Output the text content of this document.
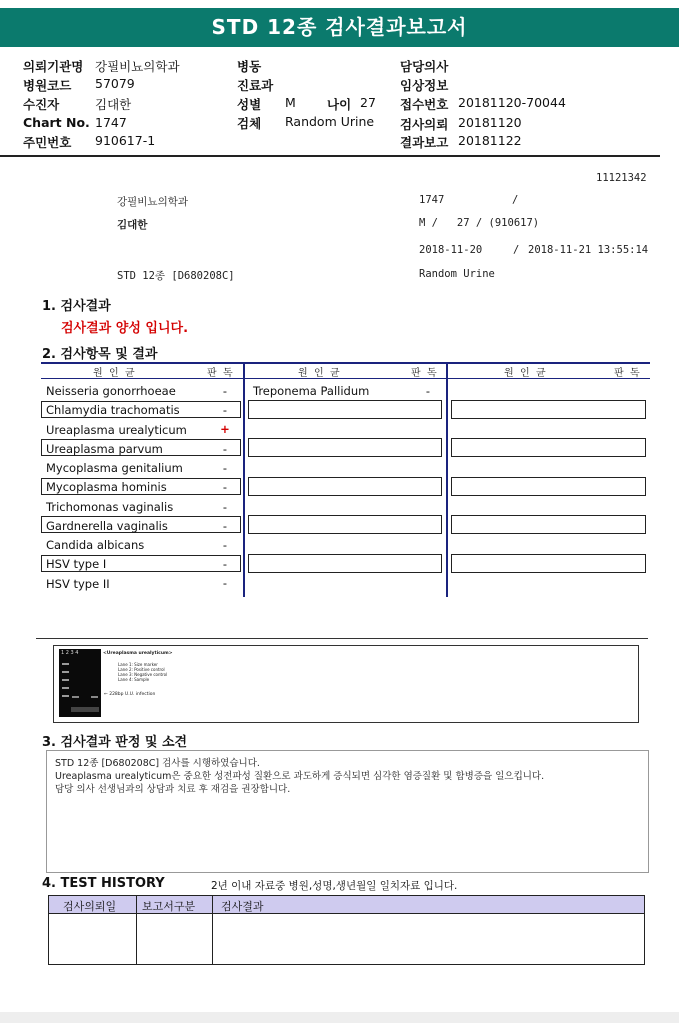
STD 12종 검사결과보고서
의뢰기관명 강필비뇨의학과
병원코드 57079
수진자	김대한
Chart No. 1747
주민번호 910617-1
병동
진료과
성별 M 나이 27
검체 Random Urine
담당의사
임상정보
접수번호 20181120-70044
검사의뢰 20181120
결과보고 20181122
11121342
강필비뇨의학과	1747	/
김대한	M /   27 / (910617)
2018-11-20	/ 2018-11-21 13:55:14
STD 12종 [D680208C]	Random Urine
1. 검사결과
검사결과 양성 입니다.
2. 검사항목 및 결과
원  인  균	판  독	원  인  균	판  독	원  인  균	판  독
Neisseria gonorrhoeae	-
Chlamydia trachomatis	-
Ureaplasma urealyticum	+
Ureaplasma parvum	-
Mycoplasma genitalium	-
Mycoplasma hominis	-
Trichomonas vaginalis	-
Gardnerella vaginalis	-
Candida albicans	-
HSV type I	-
HSV type II	-
Treponema Pallidum	-
1 2 3 4	<Ureaplasma urealyticum>
Lane 1: Size marker
Lane 2: Positive control
Lane 3: Negative control
Lane 4: Sample
← 228bp U.U. infection
3. 검사결과 판정 및 소견
STD 12종 [D680208C] 검사를 시행하였습니다.
Ureaplasma urealyticum은 중요한 성전파성 질환으로 과도하게 증식되면 심각한 염증질환 및 합병증을 일으킵니다.
담당 의사 선생님과의 상담과 치료 후 재검을 권장합니다.
4. TEST HISTORY	2년 이내 자료중 병원,성명,생년월일 일치자료 입니다.
검사의뢰일 보고서구분 검사결과
